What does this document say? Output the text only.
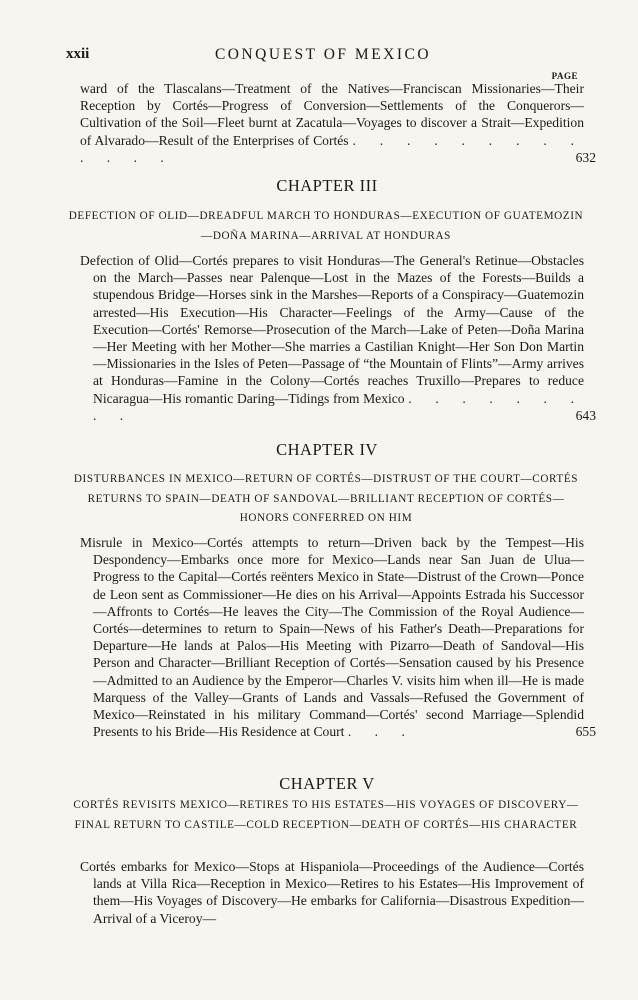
xxii	CONQUEST OF MEXICO
PAGE
ward of the Tlascalans—Treatment of the Natives—Franciscan Missionaries—Their Reception by Cortés—Progress of Conversion—Settlements of the Conquerors—Cultivation of the Soil—Fleet burnt at Zacatula—Voyages to discover a Strait—Expedition of Alvarado—Result of the Enterprises of Cortés . . . . . . . . . . . . .	632
CHAPTER III
DEFECTION OF OLID—DREADFUL MARCH TO HONDURAS—EXECUTION OF GUATEMOZIN—DOÑA MARINA—ARRIVAL AT HONDURAS
Defection of Olid—Cortés prepares to visit Honduras—The General's Retinue—Obstacles on the March—Passes near Palenque—Lost in the Mazes of the Forests—Builds a stupendous Bridge—Horses sink in the Marshes—Reports of a Conspiracy—Guatemozin arrested—His Execution—His Character—Feelings of the Army—Cause of the Execution—Cortés' Remorse—Prosecution of the March—Lake of Peten—Doña Marina—Her Meeting with her Mother—She marries a Castilian Knight—Her Son Don Martin—Missionaries in the Isles of Peten—Passage of “the Mountain of Flints”—Army arrives at Honduras—Famine in the Colony—Cortés reaches Truxillo—Prepares to reduce Nicaragua—His romantic Daring—Tidings from Mexico . . . . . . . . .	643
CHAPTER IV
DISTURBANCES IN MEXICO—RETURN OF CORTÉS—DISTRUST OF THE COURT—CORTÉS RETURNS TO SPAIN—DEATH OF SANDOVAL—BRILLIANT RECEPTION OF CORTÉS—HONORS CONFERRED ON HIM
Misrule in Mexico—Cortés attempts to return—Driven back by the Tempest—His Despondency—Embarks once more for Mexico—Lands near San Juan de Ulua—Progress to the Capital—Cortés reënters Mexico in State—Distrust of the Crown—Ponce de Leon sent as Commissioner—He dies on his Arrival—Appoints Estrada his Successor—Affronts to Cortés—He leaves the City—The Commission of the Royal Audience—Cortés—determines to return to Spain—News of his Father's Death—Preparations for Departure—He lands at Palos—His Meeting with Pizarro—Death of Sandoval—His Person and Character—Brilliant Reception of Cortés—Sensation caused by his Presence—Admitted to an Audience by the Emperor—Charles V. visits him when ill—He is made Marquess of the Valley—Grants of Lands and Vassals—Refused the Government of Mexico—Reinstated in his military Command—Cortés' second Marriage—Splendid Presents to his Bride—His Residence at Court . . .	655
CHAPTER V
CORTÉS REVISITS MEXICO—RETIRES TO HIS ESTATES—HIS VOYAGES OF DISCOVERY—FINAL RETURN TO CASTILE—COLD RECEPTION—DEATH OF CORTÉS—HIS CHARACTER
Cortés embarks for Mexico—Stops at Hispaniola—Proceedings of the Audience—Cortés lands at Villa Rica—Reception in Mexico—Retires to his Estates—His Improvement of them—His Voyages of Discovery—He embarks for California—Disastrous Expedition—Arrival of a Viceroy—
